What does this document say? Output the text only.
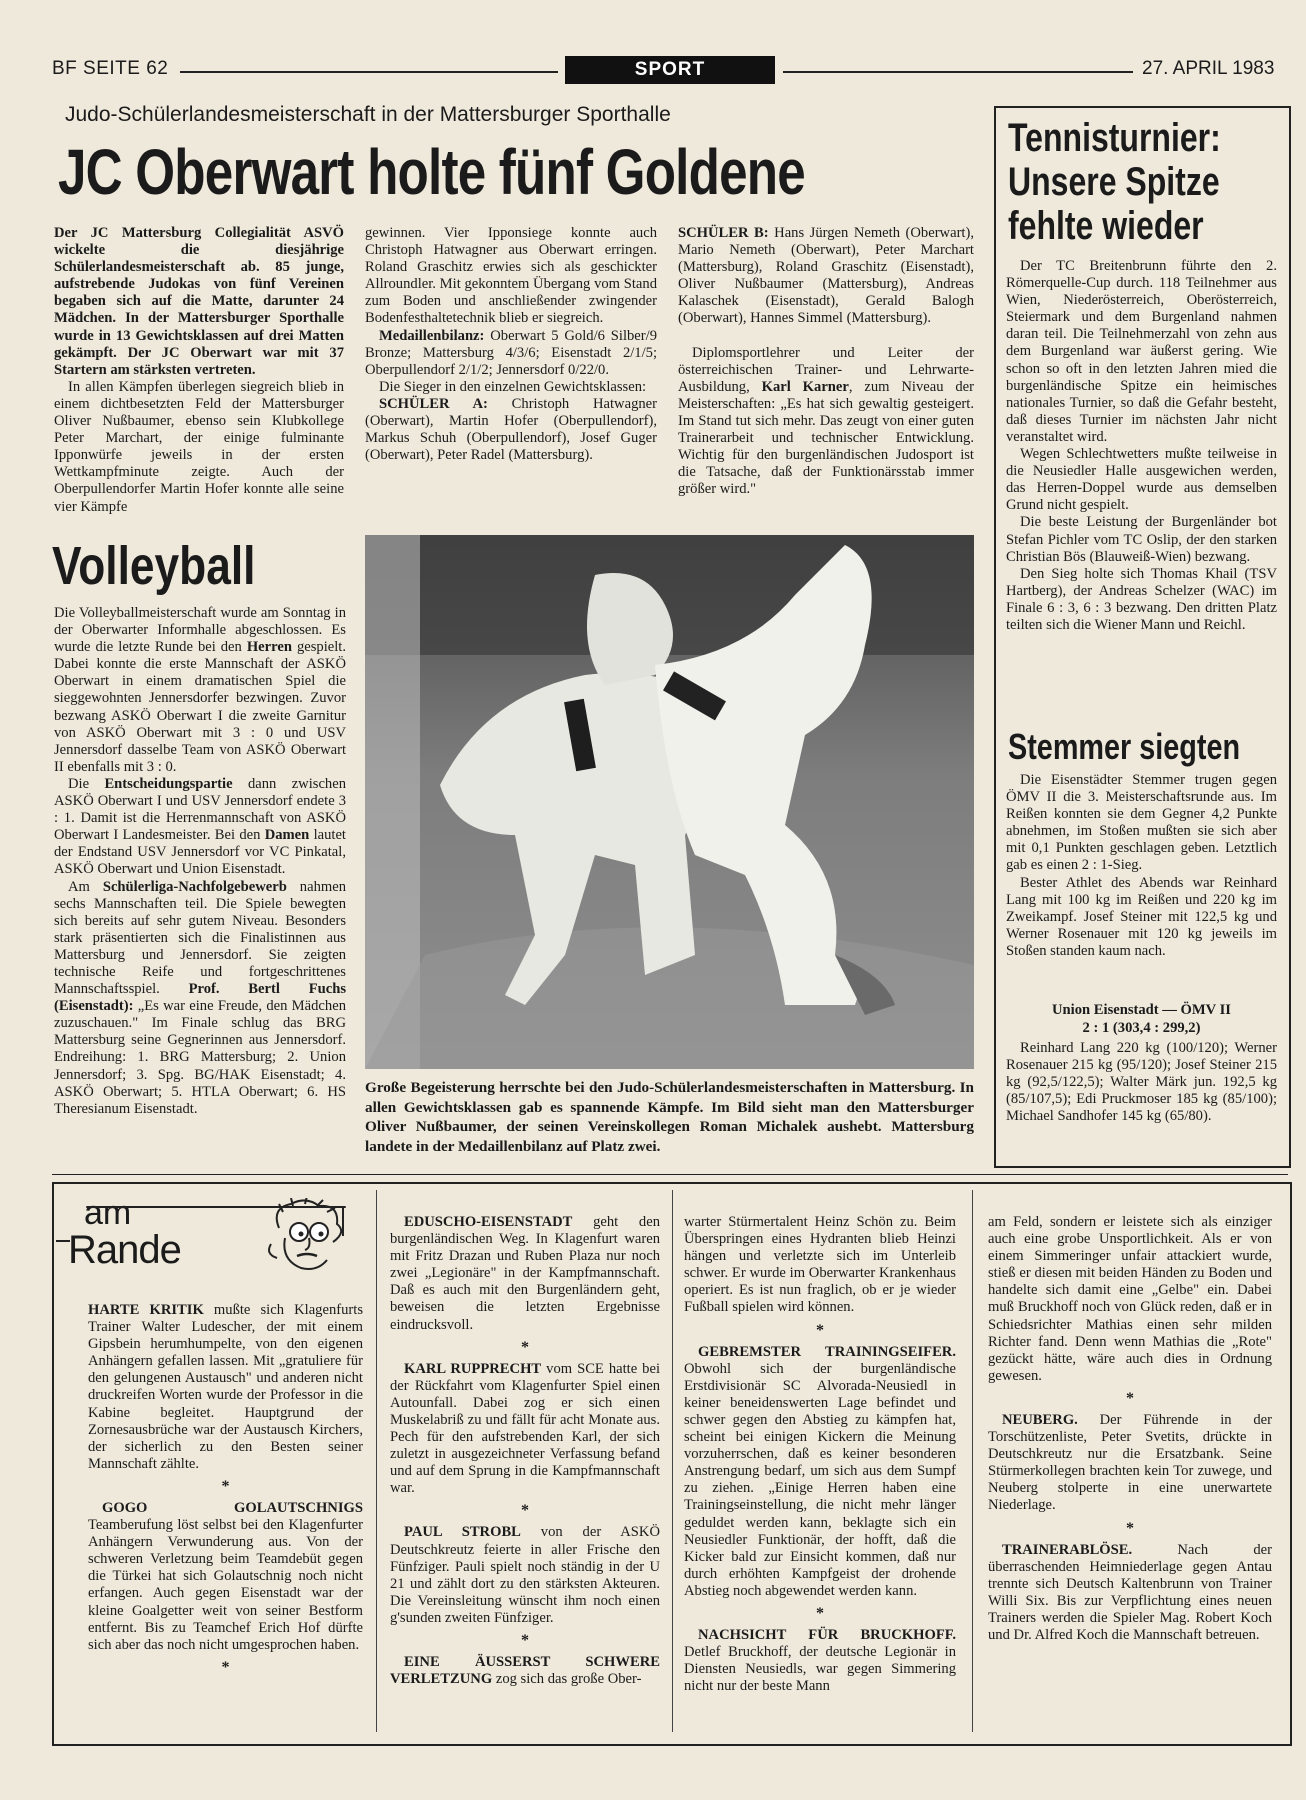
BF SEITE 62	SPORT	27. APRIL 1983
Judo-Schülerlandesmeisterschaft in der Mattersburger Sporthalle
JC Oberwart holte fünf Goldene

Der JC Mattersburg Collegialität ASVÖ wickelte die diesjährige Schülerlandesmeisterschaft ab. 85 junge, aufstrebende Judokas von fünf Vereinen begaben sich auf die Matte, darunter 24 Mädchen. In der Mattersburger Sporthalle wurde in 13 Gewichtsklassen auf drei Matten gekämpft. Der JC Oberwart war mit 37 Startern am stärksten vertreten.

In allen Kämpfen überlegen siegreich blieb in einem dichtbesetzten Feld der Mattersburger Oliver Nußbaumer, ebenso sein Klubkollege Peter Marchart, der einige fulminante Ipponwürfe jeweils in der ersten Wettkampfminute zeigte. Auch der Oberpullendorfer Martin Hofer konnte alle seine vier Kämpfe

gewinnen. Vier Ipponsiege konnte auch Christoph Hatwagner aus Oberwart erringen. Roland Graschitz erwies sich als geschickter Allroundler. Mit gekonntem Übergang vom Stand zum Boden und anschließender zwingender Bodenfesthaltetechnik blieb er siegreich.

Medaillenbilanz: Oberwart 5 Gold/6 Silber/9 Bronze; Mattersburg 4/3/6; Eisenstadt 2/1/5; Oberpullendorf 2/1/2; Jennersdorf 0/22/0.

Die Sieger in den einzelnen Gewichtsklassen:

SCHÜLER A: Christoph Hatwagner (Oberwart), Martin Hofer (Oberpullendorf), Markus Schuh (Oberpullendorf), Josef Guger (Oberwart), Peter Radel (Mattersburg).

SCHÜLER B: Hans Jürgen Nemeth (Oberwart), Mario Nemeth (Oberwart), Peter Marchart (Mattersburg), Roland Graschitz (Eisenstadt), Oliver Nußbaumer (Mattersburg), Andreas Kalaschek (Eisenstadt), Gerald Balogh (Oberwart), Hannes Simmel (Mattersburg).

Diplomsportlehrer und Leiter der österreichischen Trainer- und Lehrwarte-Ausbildung, Karl Karner, zum Niveau der Meisterschaften: „Es hat sich gewaltig gesteigert. Im Stand tut sich mehr. Das zeugt von einer guten Trainerarbeit und technischer Entwicklung. Wichtig für den burgenländischen Judosport ist die Tatsache, daß der Funktionärsstab immer größer wird."

Große Begeisterung herrschte bei den Judo-Schülerlandesmeisterschaften in Mattersburg. In allen Gewichtsklassen gab es spannende Kämpfe. Im Bild sieht man den Mattersburger Oliver Nußbaumer, der seinen Vereinskollegen Roman Michalek aushebt. Mattersburg landete in der Medaillenbilanz auf Platz zwei.
Volleyball

Die Volleyballmeisterschaft wurde am Sonntag in der Oberwarter Informhalle abgeschlossen. Es wurde die letzte Runde bei den Herren gespielt. Dabei konnte die erste Mannschaft der ASKÖ Oberwart in einem dramatischen Spiel die sieggewohnten Jennersdorfer bezwingen. Zuvor bezwang ASKÖ Oberwart I die zweite Garnitur von ASKÖ Oberwart mit 3 : 0 und USV Jennersdorf dasselbe Team von ASKÖ Oberwart II ebenfalls mit 3 : 0.

Die Entscheidungspartie dann zwischen ASKÖ Oberwart I und USV Jennersdorf endete 3 : 1. Damit ist die Herrenmannschaft von ASKÖ Oberwart I Landesmeister. Bei den Damen lautet der Endstand USV Jennersdorf vor VC Pinkatal, ASKÖ Oberwart und Union Eisenstadt.

Am Schülerliga-Nachfolgebewerb nahmen sechs Mannschaften teil. Die Spiele bewegten sich bereits auf sehr gutem Niveau. Besonders stark präsentierten sich die Finalistinnen aus Mattersburg und Jennersdorf. Sie zeigten technische Reife und fortgeschrittenes Mannschaftsspiel. Prof. Bertl Fuchs (Eisenstadt): „Es war eine Freude, den Mädchen zuzuschauen." Im Finale schlug das BRG Mattersburg seine Gegnerinnen aus Jennersdorf. Endreihung: 1. BRG Mattersburg; 2. Union Jennersdorf; 3. Spg. BG/HAK Eisenstadt; 4. ASKÖ Oberwart; 5. HTLA Oberwart; 6. HS Theresianum Eisenstadt.

Tennisturnier:
Unsere Spitze
fehlte wieder

Der TC Breitenbrunn führte den 2. Römerquelle-Cup durch. 118 Teilnehmer aus Wien, Niederösterreich, Oberösterreich, Steiermark und dem Burgenland nahmen daran teil. Die Teilnehmerzahl von zehn aus dem Burgenland war äußerst gering. Wie schon so oft in den letzten Jahren mied die burgenländische Spitze ein heimisches nationales Turnier, so daß die Gefahr besteht, daß dieses Turnier im nächsten Jahr nicht veranstaltet wird.

Wegen Schlechtwetters mußte teilweise in die Neusiedler Halle ausgewichen werden, das Herren-Doppel wurde aus demselben Grund nicht gespielt.

Die beste Leistung der Burgenländer bot Stefan Pichler vom TC Oslip, der den starken Christian Bös (Blauweiß-Wien) bezwang.

Den Sieg holte sich Thomas Khail (TSV Hartberg), der Andreas Schelzer (WAC) im Finale 6 : 3, 6 : 3 bezwang. Den dritten Platz teilten sich die Wiener Mann und Reichl.

Stemmer siegten

Die Eisenstädter Stemmer trugen gegen ÖMV II die 3. Meisterschaftsrunde aus. Im Reißen konnten sie dem Gegner 4,2 Punkte abnehmen, im Stoßen mußten sie sich aber mit 0,1 Punkten geschlagen geben. Letztlich gab es einen 2 : 1-Sieg.

Bester Athlet des Abends war Reinhard Lang mit 100 kg im Reißen und 220 kg im Zweikampf. Josef Steiner mit 122,5 kg und Werner Rosenauer mit 120 kg jeweils im Stoßen standen kaum nach.

Union Eisenstadt — ÖMV II
2 : 1 (303,4 : 299,2)
Reinhard Lang 220 kg (100/120); Werner Rosenauer 215 kg (95/120); Josef Steiner 215 kg (92,5/122,5); Walter Märk jun. 192,5 kg (85/107,5); Edi Pruckmoser 185 kg (85/100); Michael Sandhofer 145 kg (65/80).
am
Rande

HARTE KRITIK mußte sich Klagenfurts Trainer Walter Ludescher, der mit einem Gipsbein herumhumpelte, von den eigenen Anhängern gefallen lassen. Mit „gratuliere für den gelungenen Austausch" und anderen nicht druckreifen Worten wurde der Professor in die Kabine begleitet. Hauptgrund der Zornesausbrüche war der Austausch Kirchers, der sicherlich zu den Besten seiner Mannschaft zählte.

*

GOGO GOLAUTSCHNIGS Teamberufung löst selbst bei den Klagenfurter Anhängern Verwunderung aus. Von der schweren Verletzung beim Teamdebüt gegen die Türkei hat sich Golautschnig noch nicht erfangen. Auch gegen Eisenstadt war der kleine Goalgetter weit von seiner Bestform entfernt. Bis zu Teamchef Erich Hof dürfte sich aber das noch nicht umgesprochen haben.

*

EDUSCHO-EISENSTADT geht den burgenländischen Weg. In Klagenfurt waren mit Fritz Drazan und Ruben Plaza nur noch zwei „Legionäre" in der Kampfmannschaft. Daß es auch mit den Burgenländern geht, beweisen die letzten Ergebnisse eindrucksvoll.

*

KARL RUPPRECHT vom SCE hatte bei der Rückfahrt vom Klagenfurter Spiel einen Autounfall. Dabei zog er sich einen Muskelabriß zu und fällt für acht Monate aus. Pech für den aufstrebenden Karl, der sich zuletzt in ausgezeichneter Verfassung befand und auf dem Sprung in die Kampfmannschaft war.

*

PAUL STROBL von der ASKÖ Deutschkreutz feierte in aller Frische den Fünfziger. Pauli spielt noch ständig in der U 21 und zählt dort zu den stärksten Akteuren. Die Vereinsleitung wünscht ihm noch einen g'sunden zweiten Fünfziger.

*

EINE ÄUSSERST SCHWERE VERLETZUNG zog sich das große Ober-

warter Stürmertalent Heinz Schön zu. Beim Überspringen eines Hydranten blieb Heinzi hängen und verletzte sich im Unterleib schwer. Er wurde im Oberwarter Krankenhaus operiert. Es ist nun fraglich, ob er je wieder Fußball spielen wird können.

*

GEBREMSTER TRAININGSEIFER. Obwohl sich der burgenländische Erstdivisionär SC Alvorada-Neusiedl in keiner beneidenswerten Lage befindet und schwer gegen den Abstieg zu kämpfen hat, scheint bei einigen Kickern die Meinung vorzuherrschen, daß es keiner besonderen Anstrengung bedarf, um sich aus dem Sumpf zu ziehen. „Einige Herren haben eine Trainingseinstellung, die nicht mehr länger geduldet werden kann, beklagte sich ein Neusiedler Funktionär, der hofft, daß die Kicker bald zur Einsicht kommen, daß nur durch erhöhten Kampfgeist der drohende Abstieg noch abgewendet werden kann.

*

NACHSICHT FÜR BRUCKHOFF. Detlef Bruckhoff, der deutsche Legionär in Diensten Neusiedls, war gegen Simmering nicht nur der beste Mann

am Feld, sondern er leistete sich als einziger auch eine grobe Unsportlichkeit. Als er von einem Simmeringer unfair attackiert wurde, stieß er diesen mit beiden Händen zu Boden und handelte sich damit eine „Gelbe" ein. Dabei muß Bruckhoff noch von Glück reden, daß er in Schiedsrichter Mathias einen sehr milden Richter fand. Denn wenn Mathias die „Rote" gezückt hätte, wäre auch dies in Ordnung gewesen.

*

NEUBERG. Der Führende in der Torschützenliste, Peter Svetits, drückte in Deutschkreutz nur die Ersatzbank. Seine Stürmerkollegen brachten kein Tor zuwege, und Neuberg stolperte in eine unerwartete Niederlage.

*

TRAINERABLÖSE. Nach der überraschenden Heimniederlage gegen Antau trennte sich Deutsch Kaltenbrunn von Trainer Willi Six. Bis zur Verpflichtung eines neuen Trainers werden die Spieler Mag. Robert Koch und Dr. Alfred Koch die Mannschaft betreuen.
